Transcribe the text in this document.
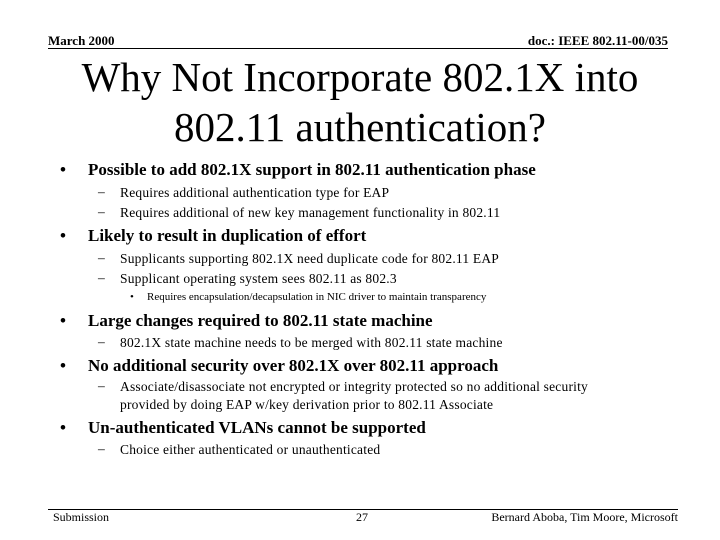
March 2000	doc.: IEEE 802.11-00/035
Why Not Incorporate 802.1X into
802.11 authentication?
• Possible to add 802.1X support in 802.11 authentication phase
– Requires additional authentication type for EAP
– Requires additional of new key management functionality in 802.11
• Likely to result in duplication of effort
– Supplicants supporting 802.1X need duplicate code for 802.11 EAP
– Supplicant operating system sees 802.11 as 802.3
• Requires encapsulation/decapsulation in NIC driver to maintain transparency
• Large changes required to 802.11 state machine
– 802.1X state machine needs to be merged with 802.11 state machine
• No additional security over 802.1X over 802.11 approach
– Associate/disassociate not encrypted or integrity protected so no additional security
provided by doing EAP w/key derivation prior to 802.11 Associate
• Un-authenticated VLANs cannot be supported
– Choice either authenticated or unauthenticated
Submission	27	Bernard Aboba, Tim Moore, Microsoft
